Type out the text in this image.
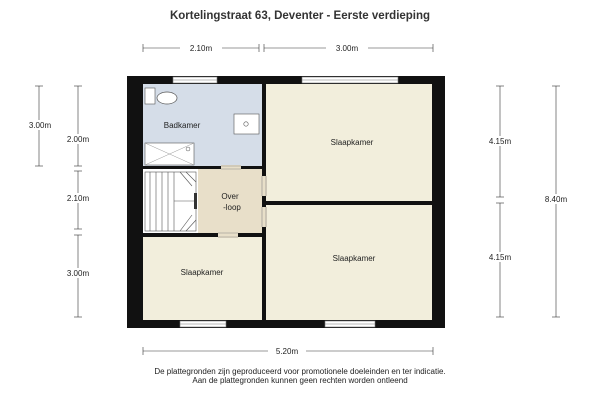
Kortelingstraat 63, Deventer - Eerste verdieping
Badkamer
Over
-loop
Slaapkamer
Slaapkamer
Slaapkamer
2.10m	3.00m
3.00m
2.00m
2.10m
3.00m
4.15m
4.15m
8.40m
5.20m
De plattegronden zijn geproduceerd voor promotionele doeleinden en ter indicatie.
Aan de plattegronden kunnen geen rechten worden ontleend
